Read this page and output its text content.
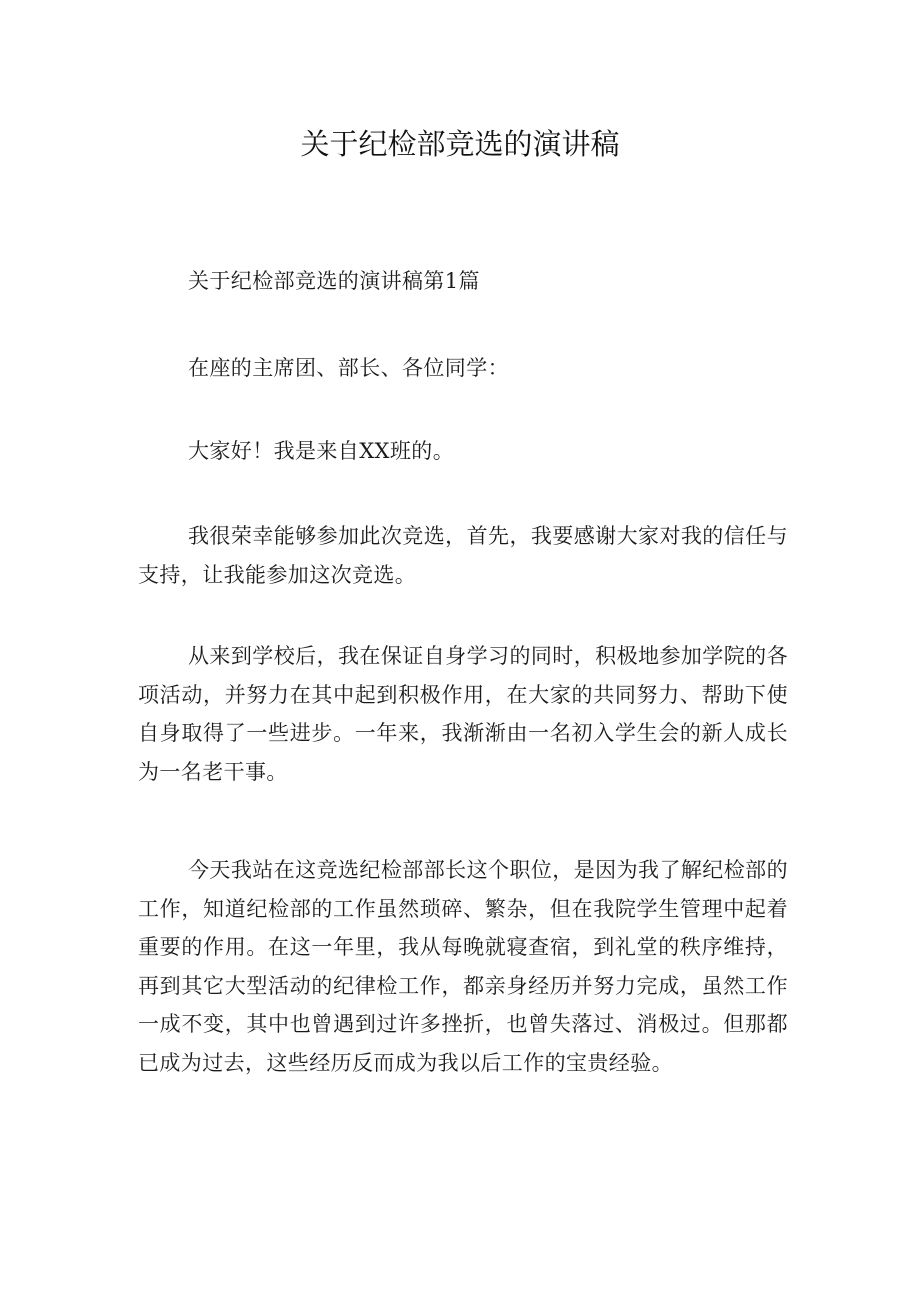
关于纪检部竞选的演讲稿

关于纪检部竞选的演讲稿第1篇

在座的主席团、部长、各位同学：

大家好！我是来自XX班的。

我很荣幸能够参加此次竞选，首先，我要感谢大家对我的信任与支持，让我能参加这次竞选。

从来到学校后，我在保证自身学习的同时，积极地参加学院的各项活动，并努力在其中起到积极作用，在大家的共同努力、帮助下使自身取得了一些进步。一年来，我渐渐由一名初入学生会的新人成长为一名老干事。

今天我站在这竞选纪检部部长这个职位，是因为我了解纪检部的工作，知道纪检部的工作虽然琐碎、繁杂，但在我院学生管理中起着重要的作用。在这一年里，我从每晚就寝查宿，到礼堂的秩序维持，再到其它大型活动的纪律检工作，都亲身经历并努力完成，虽然工作一成不变，其中也曾遇到过许多挫折，也曾失落过、消极过。但那都已成为过去，这些经历反而成为我以后工作的宝贵经验。
